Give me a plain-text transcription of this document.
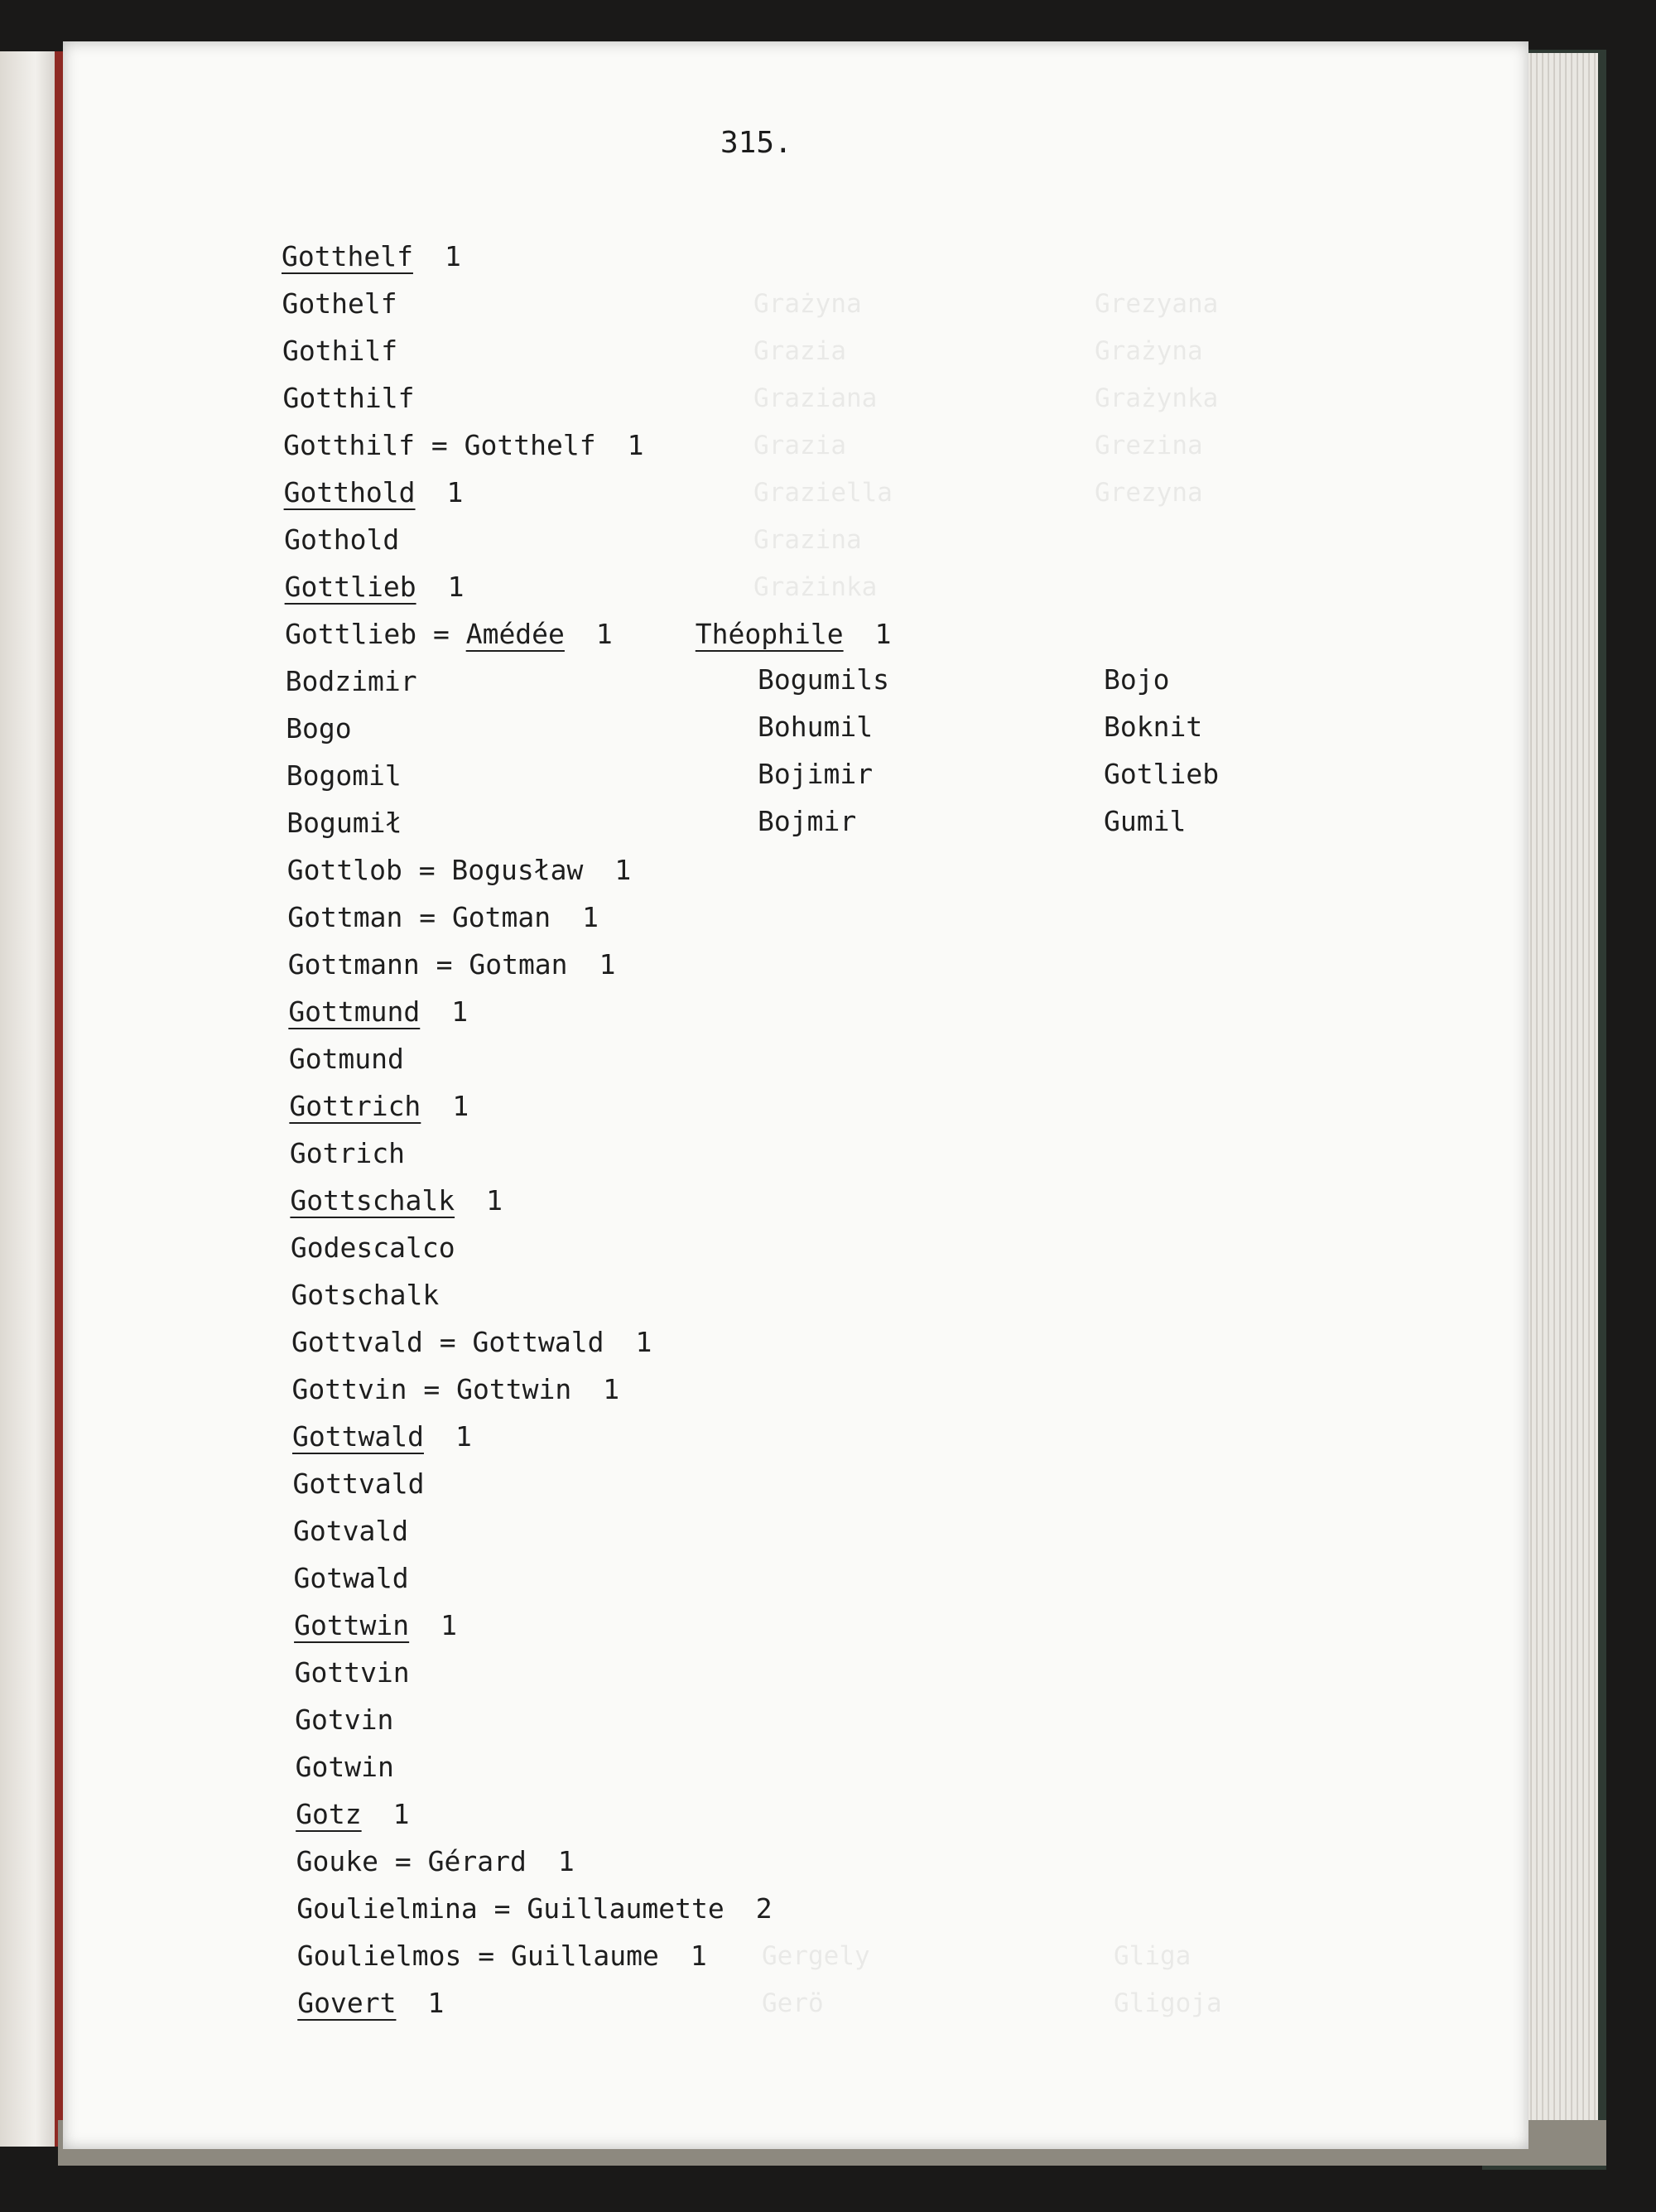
315.
Grażyna
Grazia
Graziana
Grazia
Graziella
Grazina
Grażinka
Grezyana
Grażyna
Grażynka
Grezina
Grezyna
Gergely
Gerö
Gliga
Gligoja
Gotthelf 1
Gothelf
Gothilf
Gotthilf
Gotthilf = Gotthelf 1
Gotthold 1
Gothold
Gottlieb 1
Gottlieb = Amédée 1	Théophile 1
Bodzimir
Bogo
Bogomil
Bogumił
Gottlob = Bogusław 1
Gottman = Gotman 1
Gottmann = Gotman 1
Gottmund 1
Gotmund
Gottrich 1
Gotrich
Gottschalk 1
Godescalco
Gotschalk
Gottvald = Gottwald 1
Gottvin = Gottwin 1
Gottwald 1
Gottvald
Gotvald
Gotwald
Gottwin 1
Gottvin
Gotvin
Gotwin
Gotz 1
Gouke = Gérard 1
Goulielmina = Guillaumette 2
Goulielmos = Guillaume 1
Govert 1
Bogumils
Bohumil
Bojimir
Bojmir
Bojo
Boknit
Gotlieb
Gumil
